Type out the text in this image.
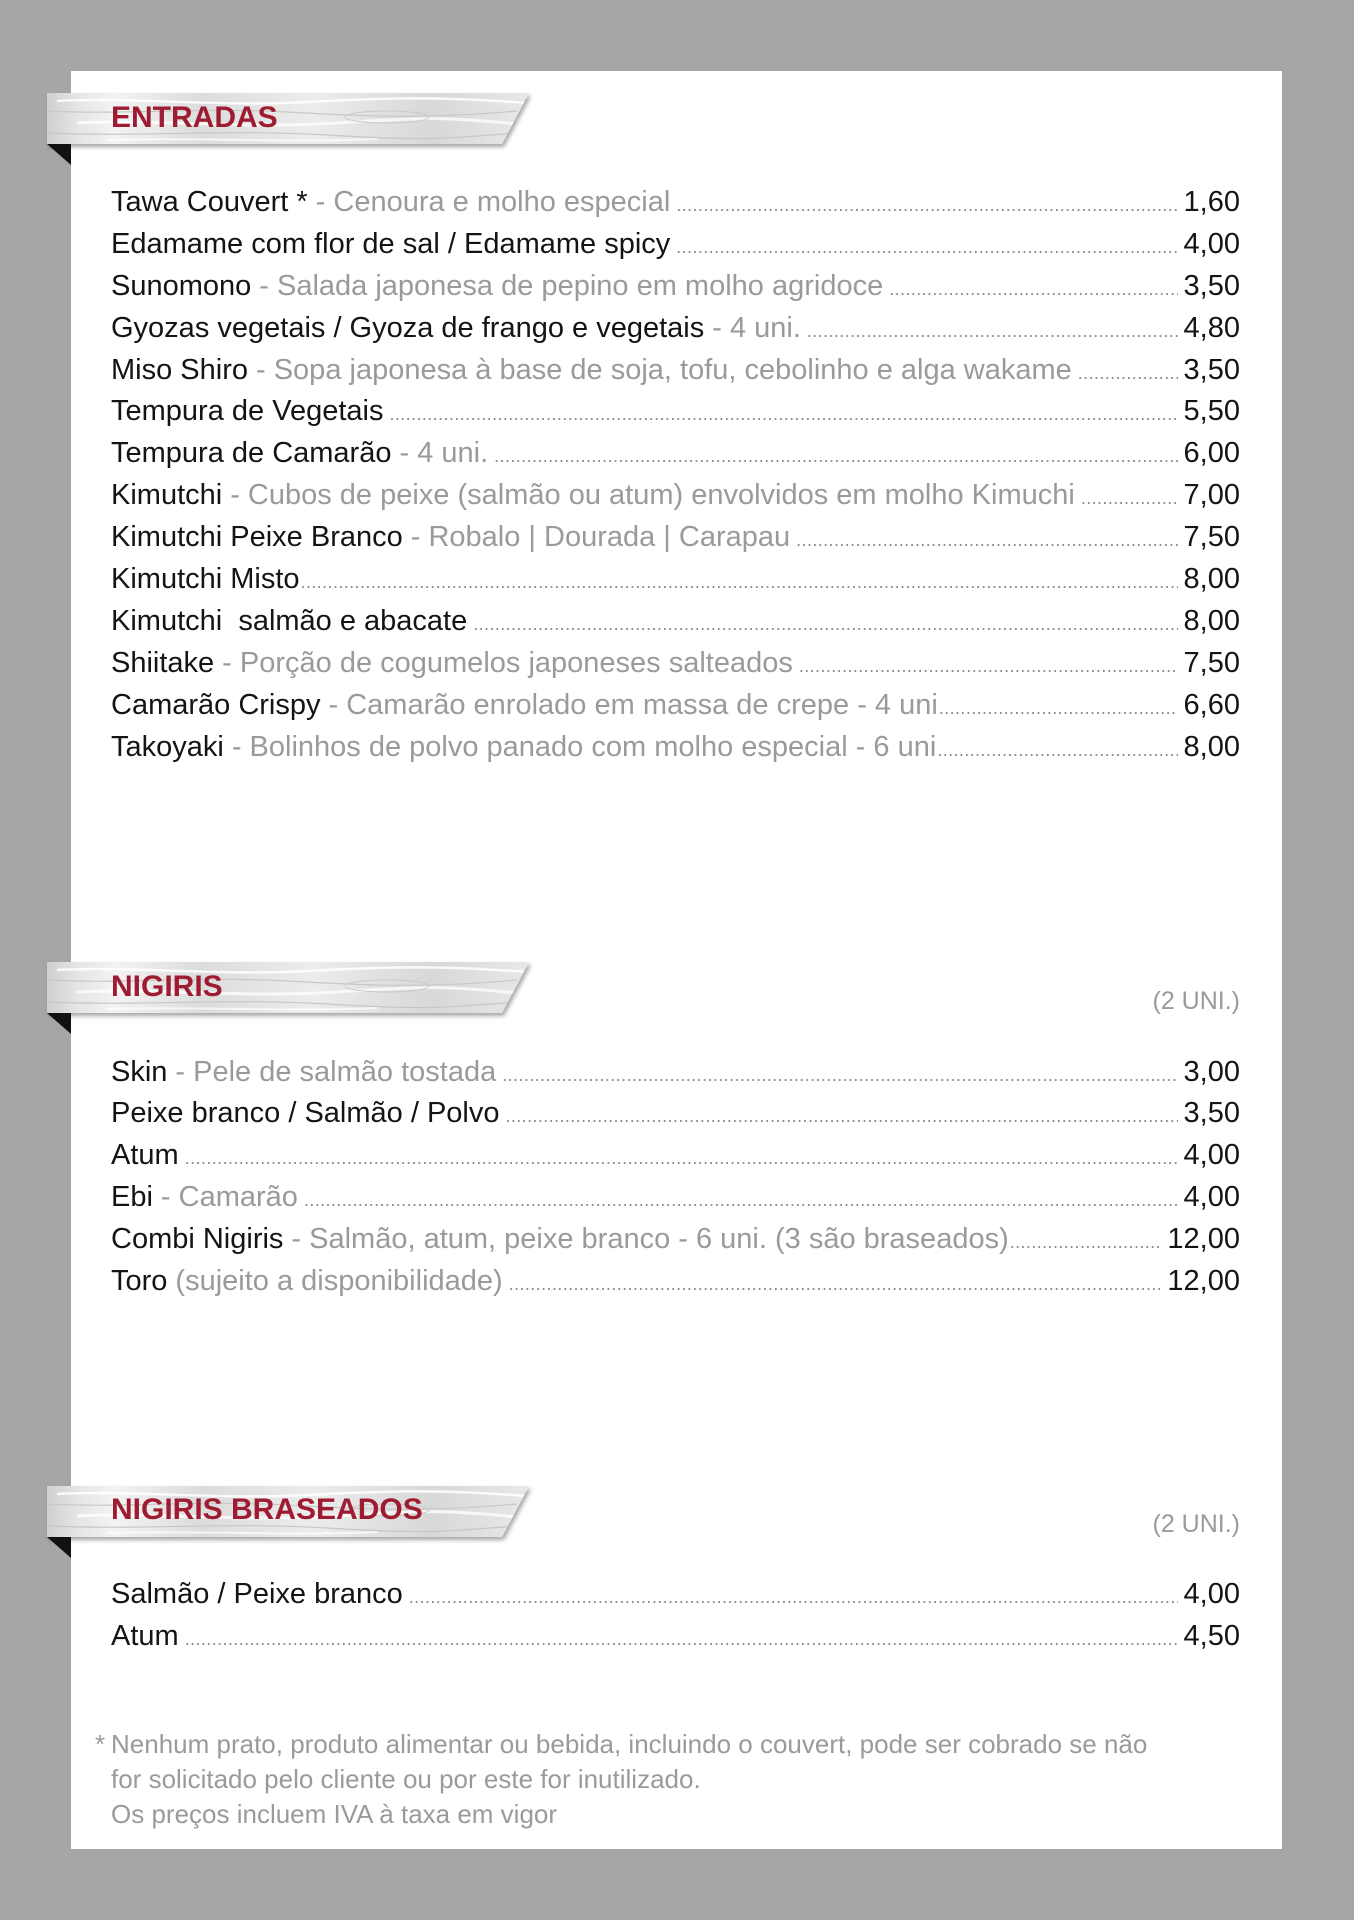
ENTRADAS
Tawa Couvert * - Cenoura e molho especial .....	1,60
Edamame com flor de sal / Edamame spicy .....	4,00
Sunomono - Salada japonesa de pepino em molho agridoce .....	3,50
Gyozas vegetais / Gyoza de frango e vegetais - 4 uni. .....	4,80
Miso Shiro - Sopa japonesa à base de soja, tofu, cebolinho e alga wakame .....	3,50
Tempura de Vegetais .....	5,50
Tempura de Camarão - 4 uni. .....	6,00
Kimutchi - Cubos de peixe (salmão ou atum) envolvidos em molho Kimuchi .....	7,00
Kimutchi Peixe Branco - Robalo | Dourada | Carapau .....	7,50
Kimutchi Misto .....	8,00
Kimutchi  salmão e abacate .....	8,00
Shiitake - Porção de cogumelos japoneses salteados .....	7,50
Camarão Crispy - Camarão enrolado em massa de crepe - 4 uni .....	6,60
Takoyaki - Bolinhos de polvo panado com molho especial - 6 uni .....	8,00
NIGIRIS	(2 UNI.)
Skin - Pele de salmão tostada .....	3,00
Peixe branco / Salmão / Polvo .....	3,50
Atum .....	4,00
Ebi - Camarão .....	4,00
Combi Nigiris - Salmão, atum, peixe branco - 6 uni. (3 são braseados) .....	12,00
Toro (sujeito a disponibilidade) .....	12,00
NIGIRIS BRASEADOS	(2 UNI.)
Salmão / Peixe branco .....	4,00
Atum .....	4,50
* Nenhum prato, produto alimentar ou bebida, incluindo o couvert, pode ser cobrado se não
for solicitado pelo cliente ou por este for inutilizado.
Os preços incluem IVA à taxa em vigor
